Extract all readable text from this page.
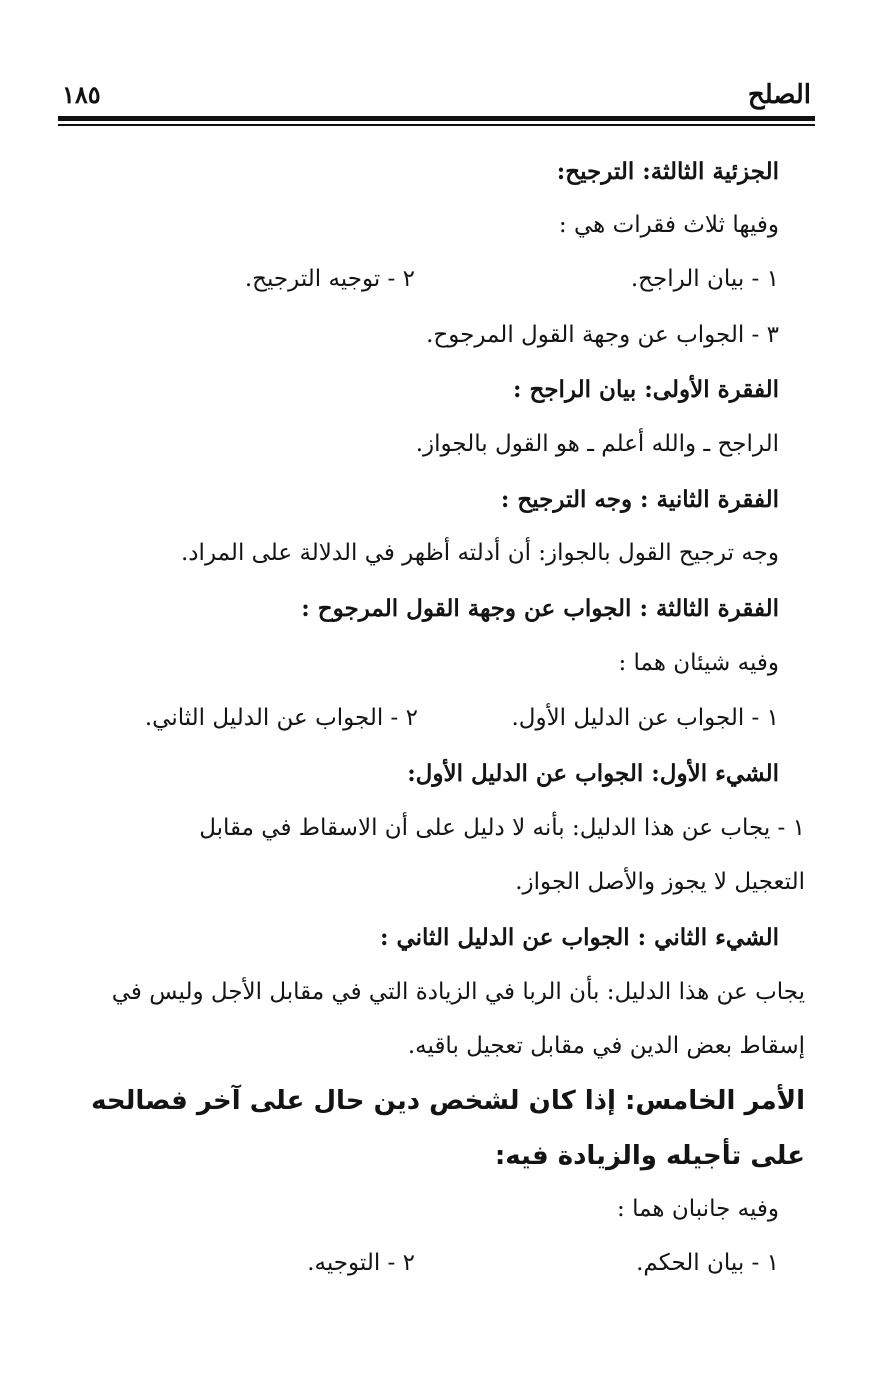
الصلح
١٨٥
الجزئية الثالثة: الترجيح:
وفيها ثلاث فقرات هي :
١ - بيان الراجح.
٢ - توجيه الترجيح.
٣ - الجواب عن وجهة القول المرجوح.
الفقرة الأولى: بيان الراجح :
الراجح ـ والله أعلم ـ هو القول بالجواز.
الفقرة الثانية : وجه الترجيح :
وجه ترجيح القول بالجواز: أن أدلته أظهر في الدلالة على المراد.
الفقرة الثالثة : الجواب عن وجهة القول المرجوح :
وفيه شيئان هما :
١ - الجواب عن الدليل الأول.
٢ - الجواب عن الدليل الثاني.
الشيء الأول: الجواب عن الدليل الأول:
١ - يجاب عن هذا الدليل: بأنه لا دليل على أن الاسقاط في مقابل
التعجيل لا يجوز والأصل الجواز.
الشيء الثاني : الجواب عن الدليل الثاني :
يجاب عن هذا الدليل: بأن الربا في الزيادة التي في مقابل الأجل وليس في
إسقاط بعض الدين في مقابل تعجيل باقيه.
الأمر الخامس: إذا كان لشخص دين حال على آخر فصالحه
على تأجيله والزيادة فيه:
وفيه جانبان هما :
١ - بيان الحكم.
٢ - التوجيه.
